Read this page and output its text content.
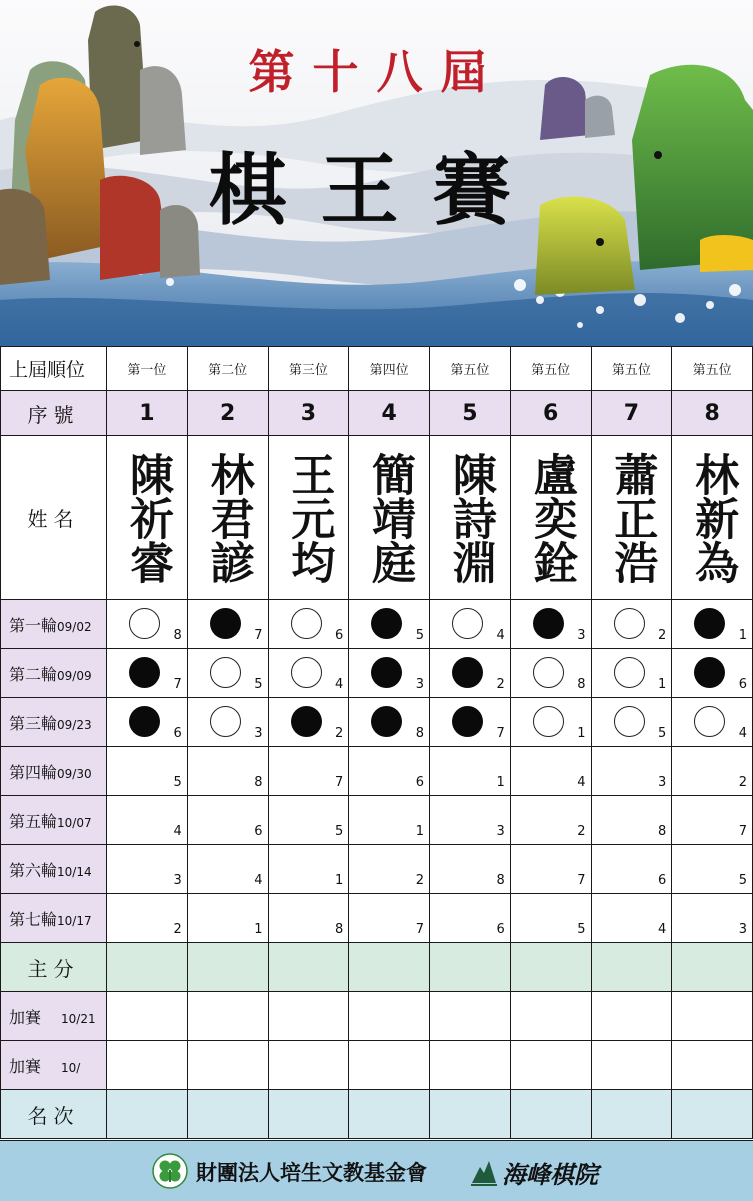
第十八屆
棋王賽
上屆順位	第一位	第二位	第三位	第四位	第五位	第五位	第五位	第五位
序號	1	2	3	4	5	6	7	8
姓名	陳祈睿	林君諺	王元均	簡靖庭	陳詩淵	盧奕銓	蕭正浩	林新為

第一輪09/02	8	7	6	5	4	3	2	1

第二輪09/09	7	5	4	3	2	8	1	6

第三輪09/23	6	3	2	8	7	1	5	4

第四輪09/30	5	8	7	6	1	4	3	2

第五輪10/07	4	6	5	1	3	2	8	7

第六輪10/14	3	4	1	2	8	7	6	5

第七輪10/17	2	1	8	7	6	5	4	3

主分								
加賽 10/21								
加賽 10/								
名次								
財團法人培生文教基金會	海峰棋院
